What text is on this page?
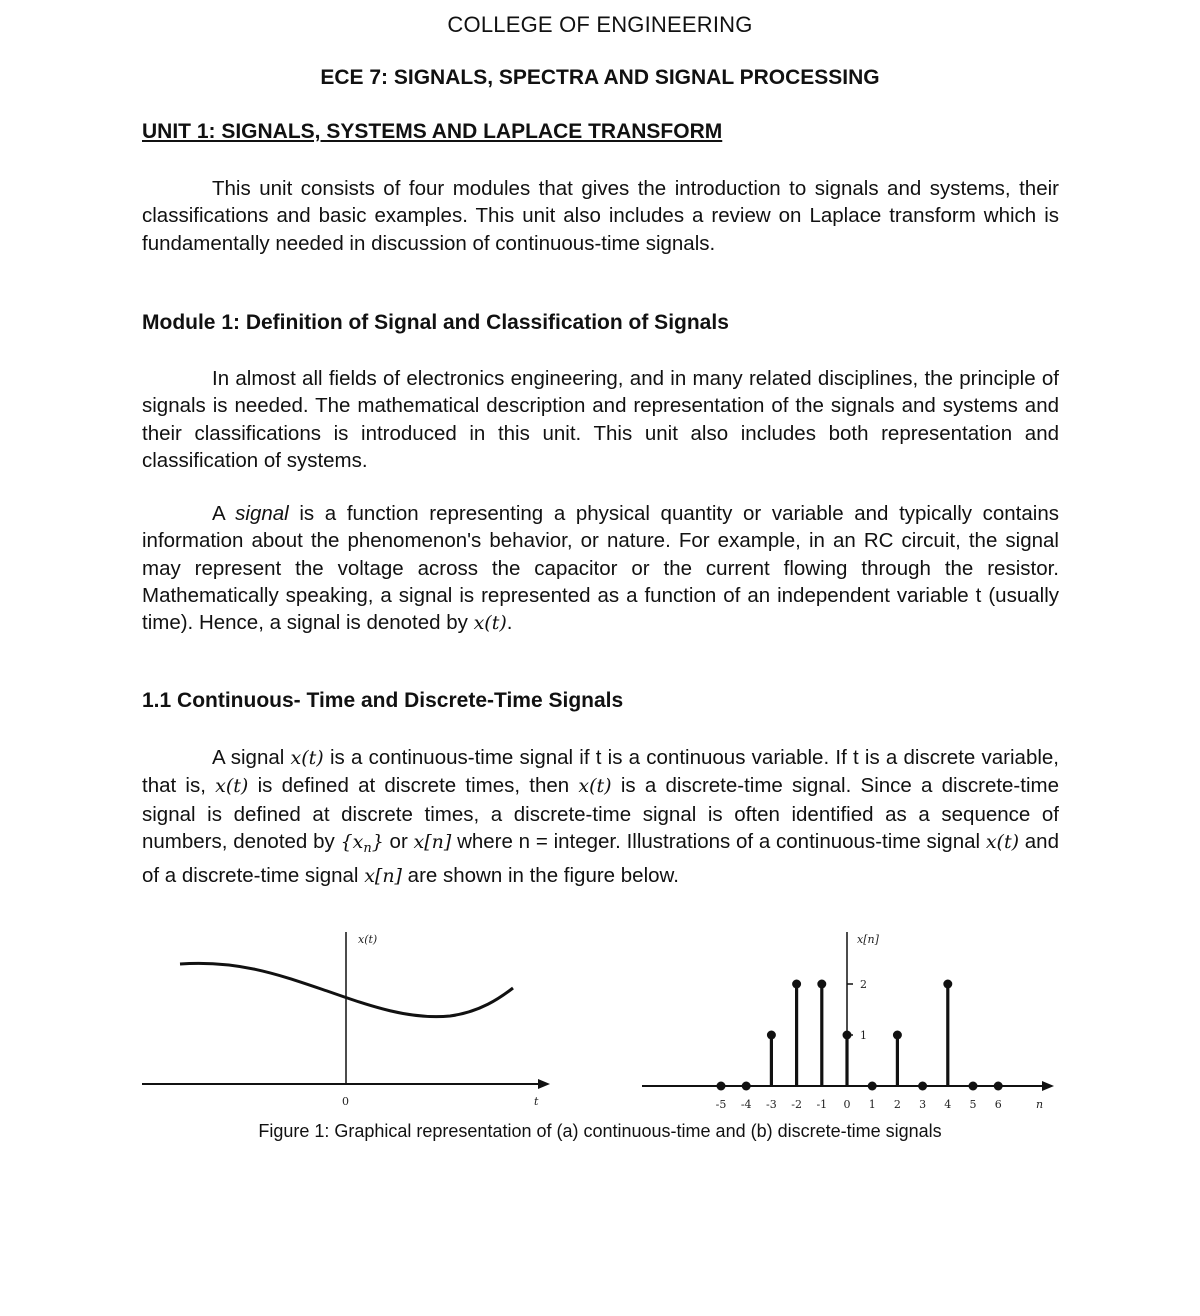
COLLEGE OF ENGINEERING
ECE 7: SIGNALS, SPECTRA AND SIGNAL PROCESSING
UNIT 1: SIGNALS, SYSTEMS AND LAPLACE TRANSFORM

This unit consists of four modules that gives the introduction to signals and systems, their classifications and basic examples. This unit also includes a review on Laplace transform which is fundamentally needed in discussion of continuous-time signals.

Module 1: Definition of Signal and Classification of Signals

In almost all fields of electronics engineering, and in many related disciplines, the principle of signals is needed. The mathematical description and representation of the signals and systems and their classifications is introduced in this unit. This unit also includes both representation and classification of systems.

A signal is a function representing a physical quantity or variable and typically contains information about the phenomenon's behavior, or nature. For example, in an RC circuit, the signal may represent the voltage across the capacitor or the current flowing through the resistor. Mathematically speaking, a signal is represented as a function of an independent variable t (usually time). Hence, a signal is denoted by x(t).

1.1 Continuous- Time and Discrete-Time Signals

A signal x(t) is a continuous-time signal if t is a continuous variable. If t is a discrete variable, that is, x(t) is defined at discrete times, then x(t) is a discrete-time signal. Since a discrete-time signal is defined at discrete times, a discrete-time signal is often identified as a sequence of numbers, denoted by $\{x_n\}$ or x[n] where n = integer. Illustrations of a continuous-time signal x(t) and of a discrete-time signal x[n] are shown in the figure below.

x(t)
0	t
x[n]
n
-5 -4 -3 -2 -1 0 1 2 3 4 5 6
2
1
Figure 1: Graphical representation of (a) continuous-time and (b) discrete-time signals
